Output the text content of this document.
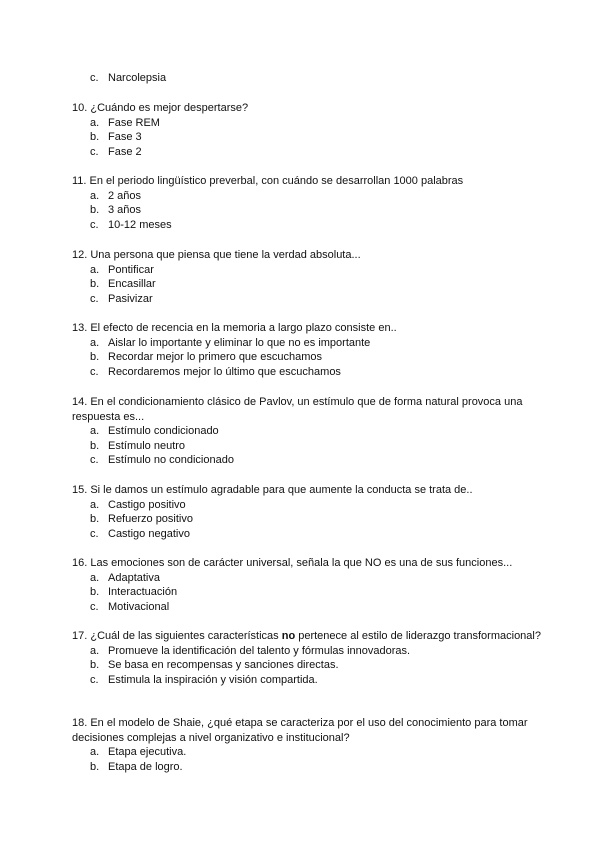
c. Narcolepsia

10. ¿Cuándo es mejor despertarse?

a. Fase REM
b. Fase 3
c. Fase 2

11. En el periodo lingüístico preverbal, con cuándo se desarrollan 1000 palabras

a. 2 años
b. 3 años
c. 10-12 meses

12. Una persona que piensa que tiene la verdad absoluta...

a. Pontificar
b. Encasillar
c. Pasivizar

13. El efecto de recencia en la memoria a largo plazo consiste en..

a. Aislar lo importante y eliminar lo que no es importante
b. Recordar mejor lo primero que escuchamos
c. Recordaremos mejor lo último que escuchamos

14. En el condicionamiento clásico de Pavlov, un estímulo que de forma natural provoca una respuesta es...

a. Estímulo condicionado
b. Estímulo neutro
c. Estímulo no condicionado

15. Si le damos un estímulo agradable para que aumente la conducta se trata de..

a. Castigo positivo
b. Refuerzo positivo
c. Castigo negativo

16. Las emociones son de carácter universal, señala la que NO es una de sus funciones...

a. Adaptativa
b. Interactuación
c. Motivacional

17. ¿Cuál de las siguientes características no pertenece al estilo de liderazgo transformacional?

a. Promueve la identificación del talento y fórmulas innovadoras.
b. Se basa en recompensas y sanciones directas.
c. Estimula la inspiración y visión compartida.

18. En el modelo de Shaie, ¿qué etapa se caracteriza por el uso del conocimiento para tomar decisiones complejas a nivel organizativo e institucional?

a. Etapa ejecutiva.
b. Etapa de logro.
